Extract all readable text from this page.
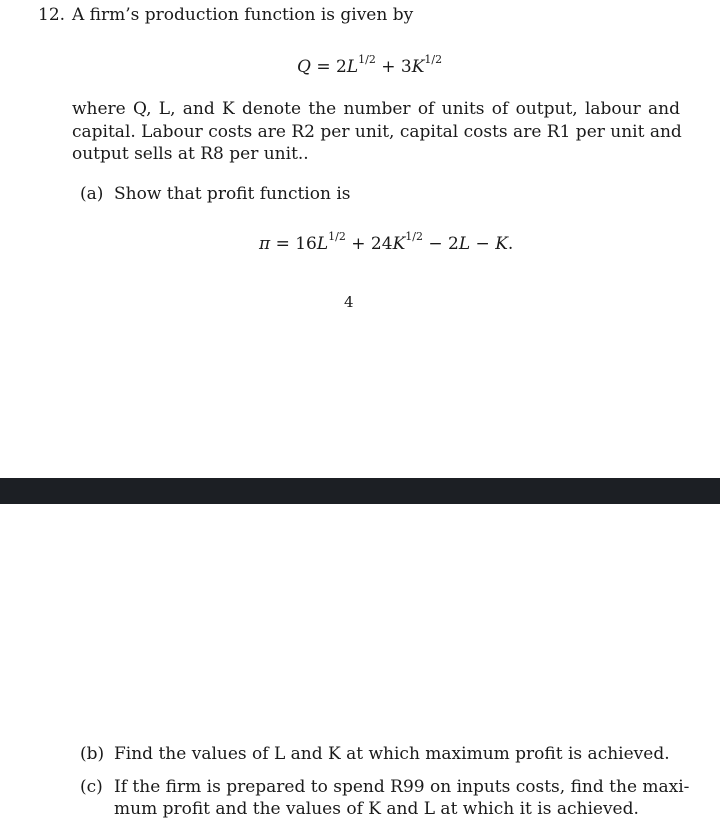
12. A firm’s production function is given by
$Q = 2L^{1/2} + 3K^{1/2}$
where Q, L, and K denote the number of units of output, labour and
capital. Labour costs are R2 per unit, capital costs are R1 per unit and
output sells at R8 per unit..
(a) Show that profit function is
$\pi = 16L^{1/2} + 24K^{1/2} - 2L - K$.
4
(b) Find the values of L and K at which maximum profit is achieved.
(c) If the firm is prepared to spend R99 on inputs costs, find the maxi-
mum profit and the values of K and L at which it is achieved.
